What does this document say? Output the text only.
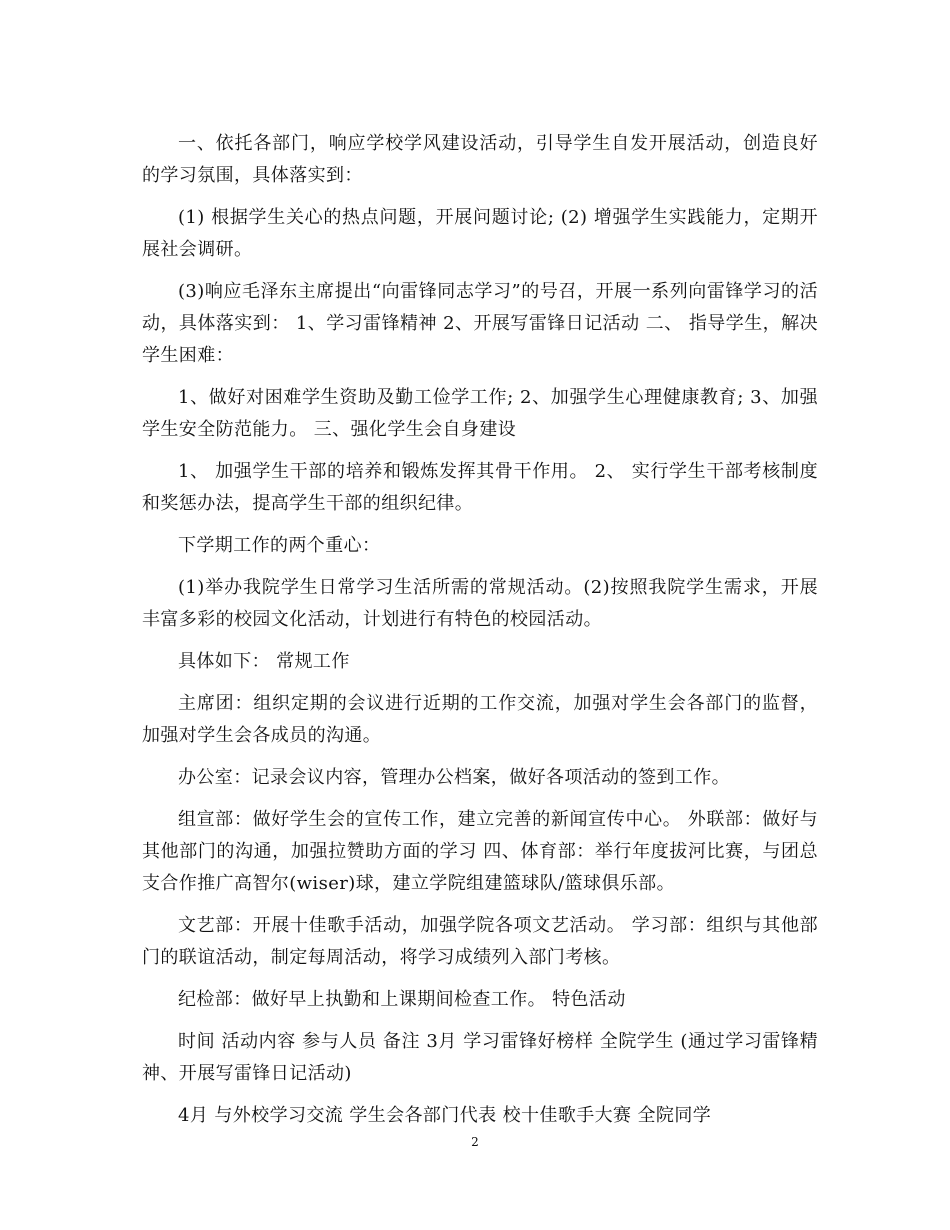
一、依托各部门，响应学校学风建设活动，引导学生自发开展活动，创造良好的学习氛围，具体落实到：

(1) 根据学生关心的热点问题，开展问题讨论; (2) 增强学生实践能力，定期开展社会调研。

(3)响应毛泽东主席提出“向雷锋同志学习”的号召，开展一系列向雷锋学习的活动，具体落实到： 1、学习雷锋精神 2、开展写雷锋日记活动 二、 指导学生，解决学生困难：

1、做好对困难学生资助及勤工俭学工作; 2、加强学生心理健康教育; 3、加强学生安全防范能力。 三、强化学生会自身建设

1、 加强学生干部的培养和锻炼发挥其骨干作用。 2、 实行学生干部考核制度和奖惩办法，提高学生干部的组织纪律。

下学期工作的两个重心：

(1)举办我院学生日常学习生活所需的常规活动。(2)按照我院学生需求，开展丰富多彩的校园文化活动，计划进行有特色的校园活动。

具体如下： 常规工作

主席团：组织定期的会议进行近期的工作交流，加强对学生会各部门的监督，加强对学生会各成员的沟通。

办公室：记录会议内容，管理办公档案，做好各项活动的签到工作。

组宣部：做好学生会的宣传工作，建立完善的新闻宣传中心。 外联部：做好与其他部门的沟通，加强拉赞助方面的学习 四、体育部：举行年度拔河比赛，与团总支合作推广高智尔(wiser)球，建立学院组建篮球队/篮球俱乐部。

文艺部：开展十佳歌手活动，加强学院各项文艺活动。 学习部：组织与其他部门的联谊活动，制定每周活动，将学习成绩列入部门考核。

纪检部：做好早上执勤和上课期间检查工作。 特色活动

时间 活动内容 参与人员 备注 3月 学习雷锋好榜样 全院学生 (通过学习雷锋精神、开展写雷锋日记活动)

4月 与外校学习交流 学生会各部门代表 校十佳歌手大赛 全院同学

2
